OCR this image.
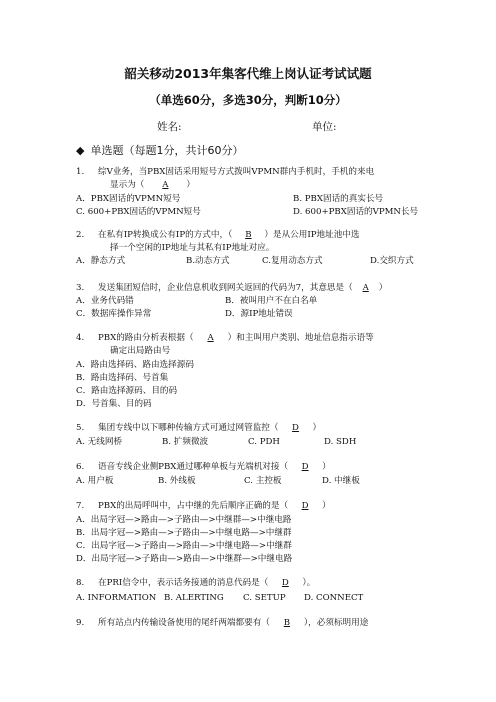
韶关移动2013年集客代维上岗认证考试试题
（单选60分，多选30分，判断10分）
姓名:	单位:
◆ 单选题（每题1分，共计60分）
1. 综V业务，当PBX固话采用短号方式拨叫VPMN群内手机时，手机的来电
显示为（ A ）
A．PBX固话的VPMN短号	B. PBX固话的真实长号
C. 600+PBX固话的VPMN短号	D. 600+PBX固话的VPMN长号
2. 在私有IP转换成公有IP的方式中，（ B ）是从公用IP地址池中选
择一个空闲的IP地址与其私有IP地址对应。
A．静态方式	B.动态方式	C.复用动态方式	D.交织方式
3. 发送集团短信时，企业信息机收到网关返回的代码为7，其意思是（ A ）
A．业务代码错	B．被叫用户不在白名单
C．数据库操作异常	D．源IP地址错误
4. PBX的路由分析表根据（ A ）和主叫用户类别、地址信息指示语等
确定出局路由号
A．路由选择码、路由选择源码
B．路由选择码、号首集
C．路由选择源码、目的码
D．号首集、目的码
5. 集团专线中以下哪种传输方式可通过网管监控（ D ）
A. 无线网桥	B. 扩频微波	C. PDH	D. SDH
6. 语音专线企业侧PBX通过哪种单板与光端机对接（ D ）
A. 用户板	B. 外线板	C. 主控板	D. 中继板
7. PBX的出局呼叫中，占中继的先后顺序正确的是（ D ）
A．出局字冠—>路由—>子路由—>中继群—>中继电路
B．出局字冠—>路由—>子路由—>中继电路—>中继群
C．出局字冠—>子路由—>路由—>中继电路—>中继群
D．出局字冠—>子路由—>路由—>中继群—>中继电路
8. 在PRI信令中，表示话务接通的消息代码是（ D ）。
A. INFORMATION B. ALERTING C. SETUP D. CONNECT
9. 所有站点内传输设备使用的尾纤两端都要有（ B ），必须标明用途
